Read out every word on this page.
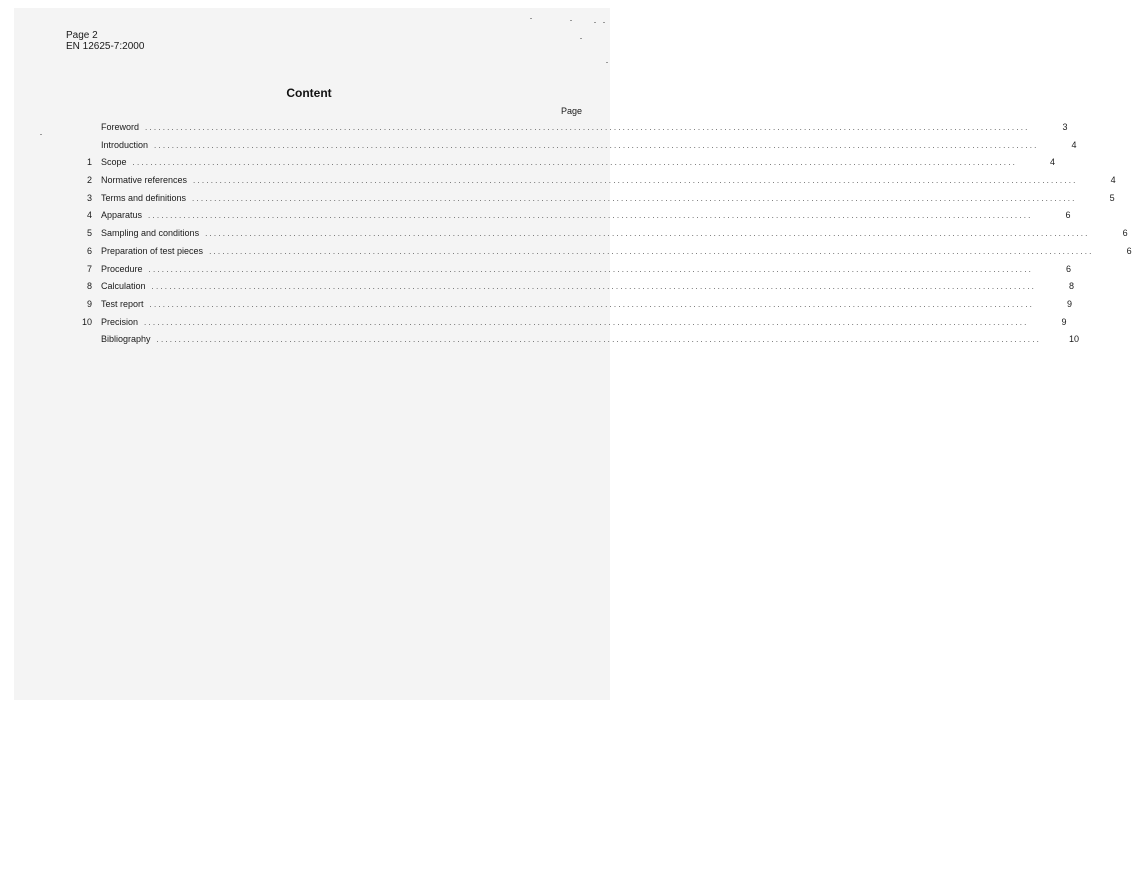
Page 2
EN 12625-7:2000
Content
Page
Foreword ........................................................................................................................................................................................................	3
Introduction ........................................................................................................................................................................................................	4
1 Scope ........................................................................................................................................................................................................	4
2 Normative references ........................................................................................................................................................................................................	4
3 Terms and definitions ........................................................................................................................................................................................................	5
4 Apparatus ........................................................................................................................................................................................................	6
5 Sampling and conditions ........................................................................................................................................................................................................	6
6 Preparation of test pieces ........................................................................................................................................................................................................	6
7 Procedure ........................................................................................................................................................................................................	6
8 Calculation ........................................................................................................................................................................................................	8
9 Test report ........................................................................................................................................................................................................	9
10 Precision ........................................................................................................................................................................................................	9
Bibliography ........................................................................................................................................................................................................	10
